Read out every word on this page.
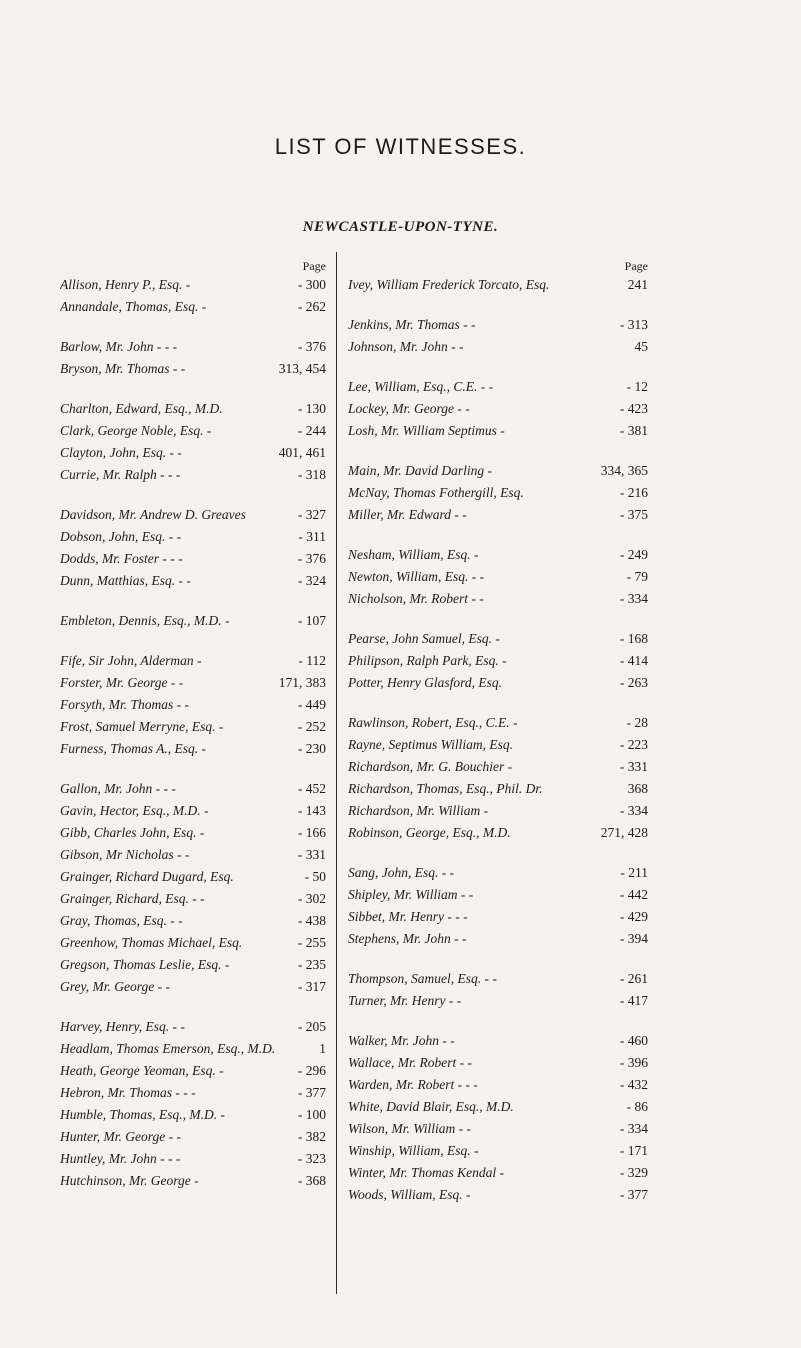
LIST OF WITNESSES.
NEWCASTLE-UPON-TYNE.
Page
Allison, Henry P., Esq. -	- 300
Annandale, Thomas, Esq. -	- 262
Barlow, Mr. John - - -	- 376
Bryson, Mr. Thomas - -	313, 454
Charlton, Edward, Esq., M.D.	- 130
Clark, George Noble, Esq. -	- 244
Clayton, John, Esq. - -	401, 461
Currie, Mr. Ralph - - -	- 318
Davidson, Mr. Andrew D. Greaves	- 327
Dobson, John, Esq. - -	- 311
Dodds, Mr. Foster - - -	- 376
Dunn, Matthias, Esq. - -	- 324
Embleton, Dennis, Esq., M.D. -	- 107
Fife, Sir John, Alderman -	- 112
Forster, Mr. George - -	171, 383
Forsyth, Mr. Thomas - -	- 449
Frost, Samuel Merryne, Esq. -	- 252
Furness, Thomas A., Esq. -	- 230
Gallon, Mr. John - - -	- 452
Gavin, Hector, Esq., M.D. -	- 143
Gibb, Charles John, Esq. -	- 166
Gibson, Mr Nicholas - -	- 331
Grainger, Richard Dugard, Esq.	- 50
Grainger, Richard, Esq. - -	- 302
Gray, Thomas, Esq. - -	- 438
Greenhow, Thomas Michael, Esq.	- 255
Gregson, Thomas Leslie, Esq. -	- 235
Grey, Mr. George - -	- 317
Harvey, Henry, Esq. - -	- 205
Headlam, Thomas Emerson, Esq., M.D.	1
Heath, George Yeoman, Esq. -	- 296
Hebron, Mr. Thomas - - -	- 377
Humble, Thomas, Esq., M.D. -	- 100
Hunter, Mr. George - -	- 382
Huntley, Mr. John - - -	- 323
Hutchinson, Mr. George -	- 368
Page
Ivey, William Frederick Torcato, Esq.	241
Jenkins, Mr. Thomas - -	- 313
Johnson, Mr. John - -	45
Lee, William, Esq., C.E. - -	- 12
Lockey, Mr. George - -	- 423
Losh, Mr. William Septimus -	- 381
Main, Mr. David Darling -	334, 365
McNay, Thomas Fothergill, Esq.	- 216
Miller, Mr. Edward - -	- 375
Nesham, William, Esq. -	- 249
Newton, William, Esq. - -	- 79
Nicholson, Mr. Robert - -	- 334
Pearse, John Samuel, Esq. -	- 168
Philipson, Ralph Park, Esq. -	- 414
Potter, Henry Glasford, Esq.	- 263
Rawlinson, Robert, Esq., C.E. -	- 28
Rayne, Septimus William, Esq.	- 223
Richardson, Mr. G. Bouchier -	- 331
Richardson, Thomas, Esq., Phil. Dr.	368
Richardson, Mr. William -	- 334
Robinson, George, Esq., M.D.	271, 428
Sang, John, Esq. - -	- 211
Shipley, Mr. William - -	- 442
Sibbet, Mr. Henry - - -	- 429
Stephens, Mr. John - -	- 394
Thompson, Samuel, Esq. - -	- 261
Turner, Mr. Henry - -	- 417
Walker, Mr. John - -	- 460
Wallace, Mr. Robert - -	- 396
Warden, Mr. Robert - - -	- 432
White, David Blair, Esq., M.D.	- 86
Wilson, Mr. William - -	- 334
Winship, William, Esq. -	- 171
Winter, Mr. Thomas Kendal -	- 329
Woods, William, Esq. -	- 377
